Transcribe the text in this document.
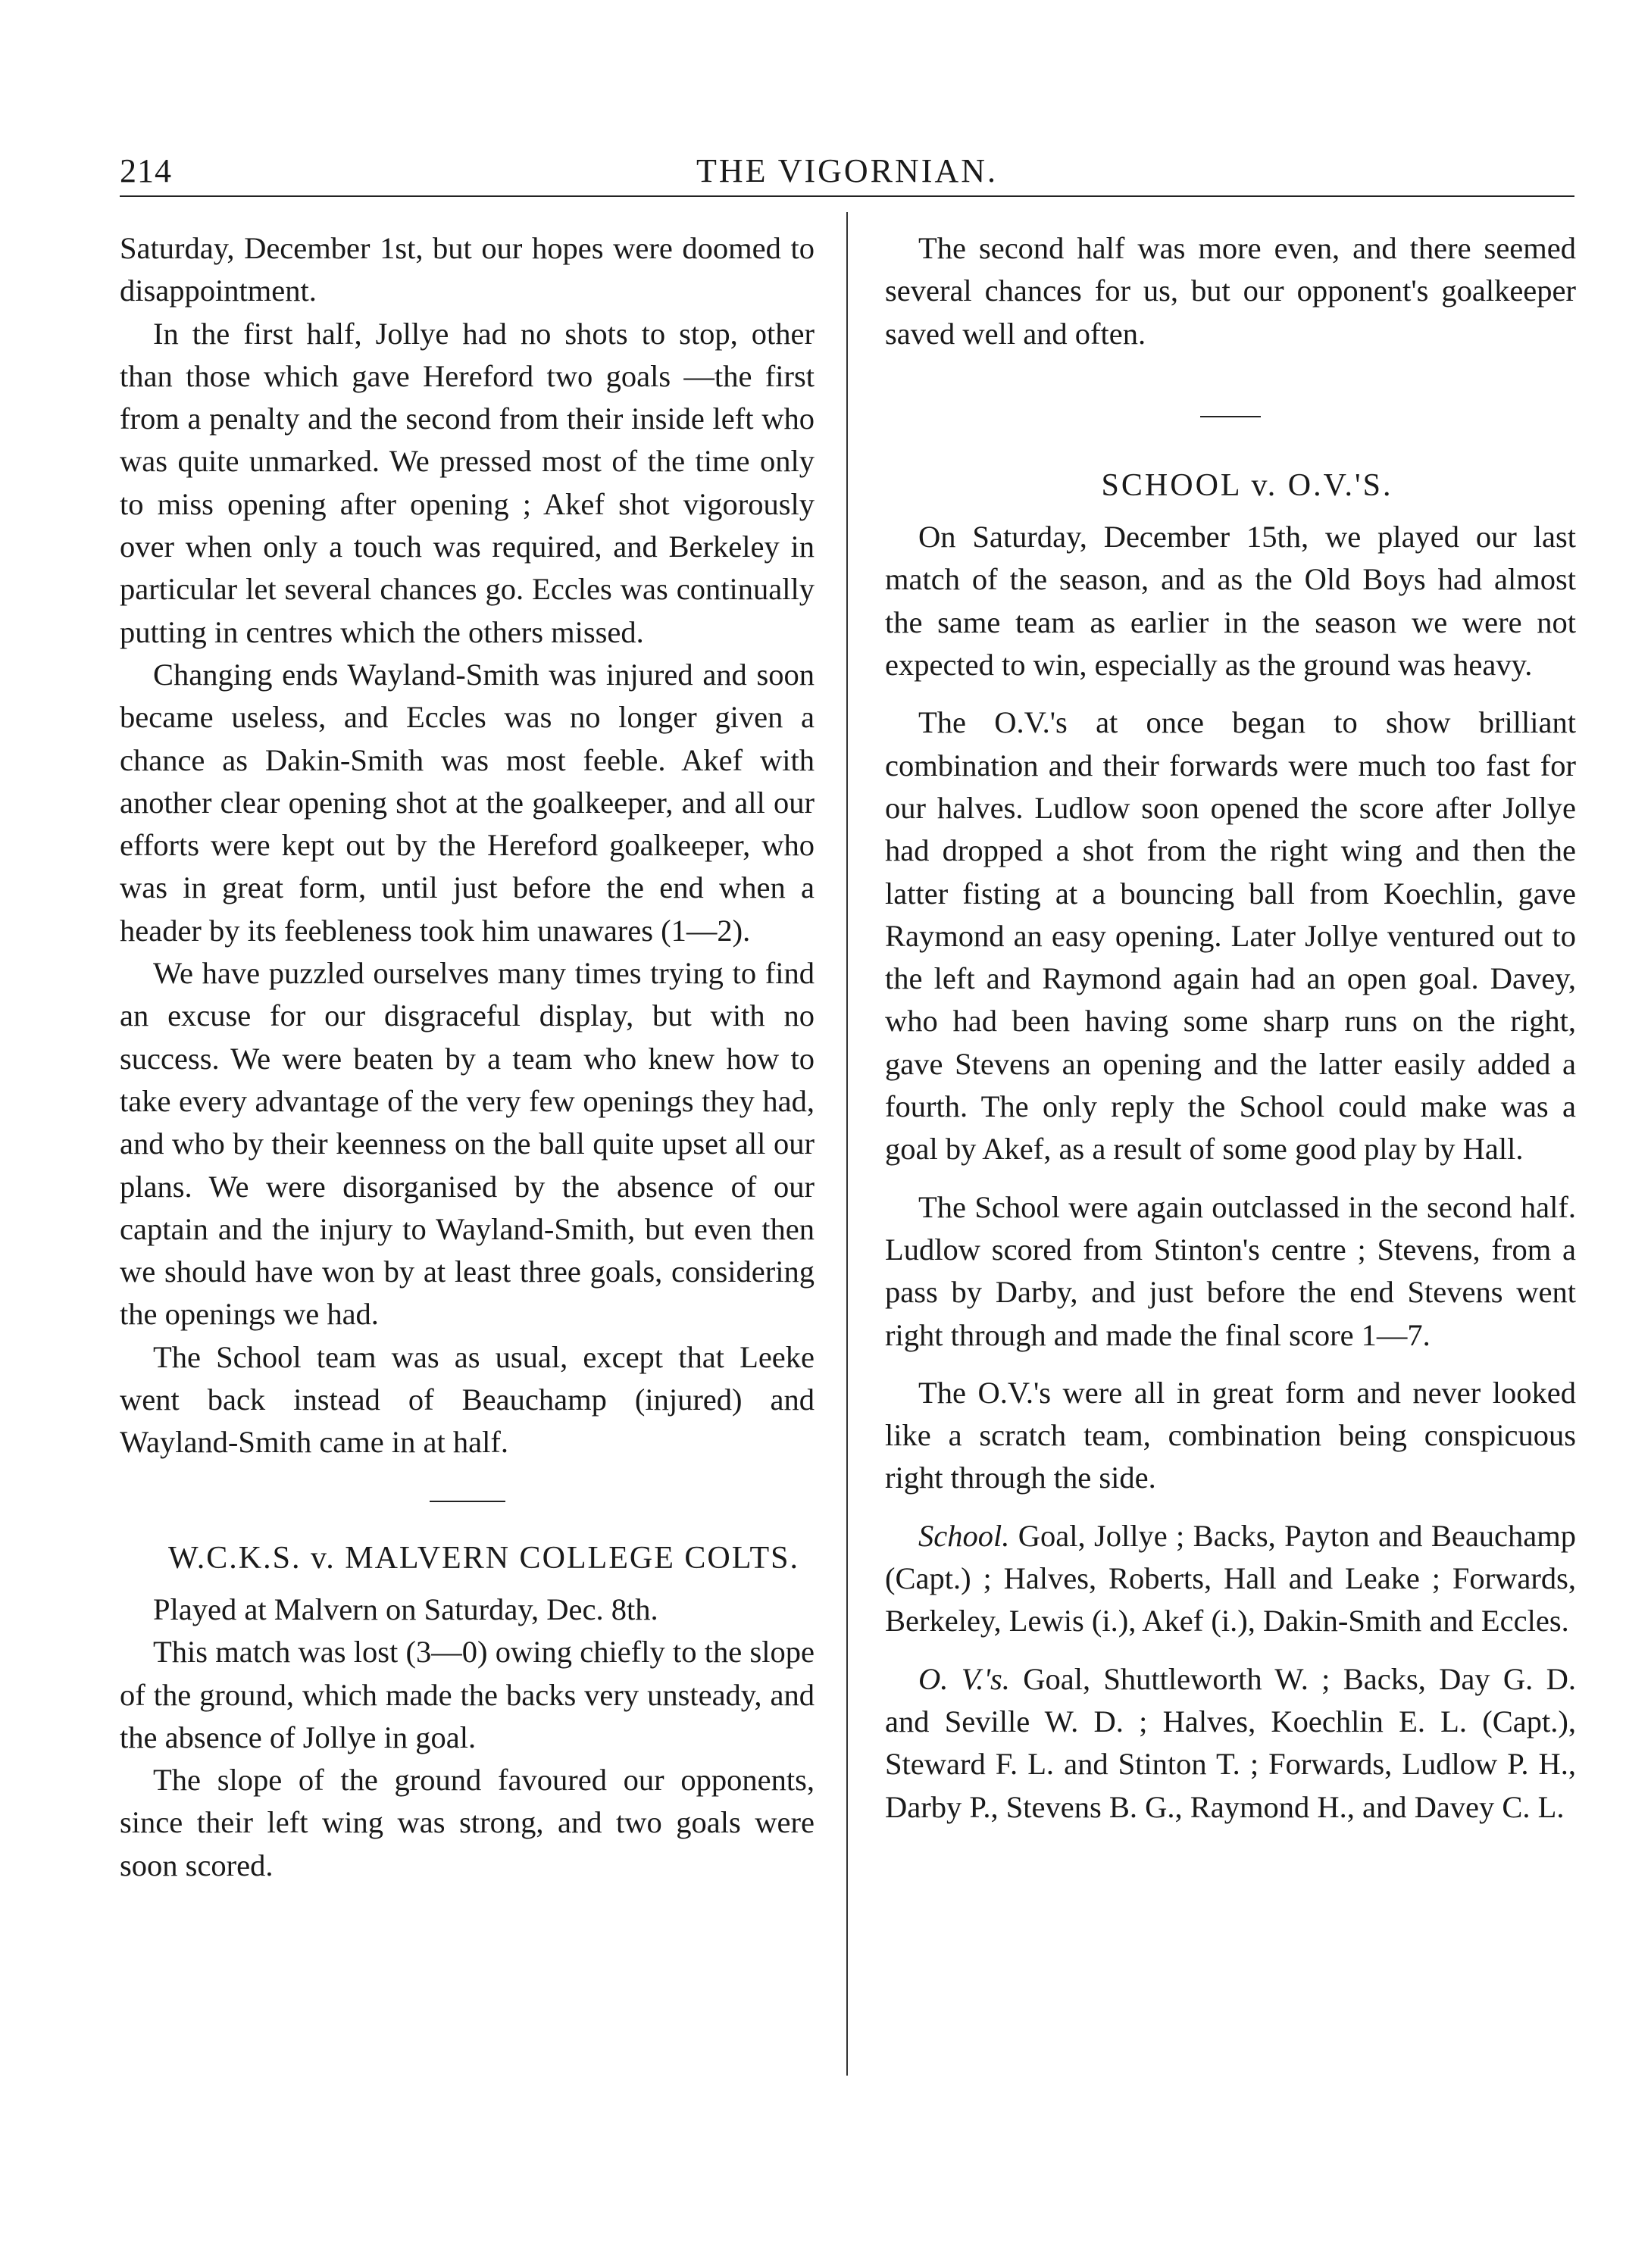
214	THE VIGORNIAN.

Saturday, December 1st, but our hopes were doomed to disappointment.

In the first half, Jollye had no shots to stop, other than those which gave Hereford two goals —the first from a penalty and the second from their inside left who was quite unmarked. We pressed most of the time only to miss opening after opening ; Akef shot vigorously over when only a touch was required, and Berkeley in particular let several chances go. Eccles was continually putting in centres which the others missed.

Changing ends Wayland-Smith was injured and soon became useless, and Eccles was no longer given a chance as Dakin-Smith was most feeble. Akef with another clear opening shot at the goalkeeper, and all our efforts were kept out by the Hereford goalkeeper, who was in great form, until just before the end when a header by its feebleness took him unawares (1—2).

We have puzzled ourselves many times trying to find an excuse for our disgraceful display, but with no success. We were beaten by a team who knew how to take every advantage of the very few openings they had, and who by their keenness on the ball quite upset all our plans. We were disorganised by the absence of our captain and the injury to Wayland-Smith, but even then we should have won by at least three goals, considering the openings we had.

The School team was as usual, except that Leeke went back instead of Beauchamp (injured) and Wayland-Smith came in at half.

W.C.K.S. v. MALVERN COLLEGE COLTS.

Played at Malvern on Saturday, Dec. 8th.

This match was lost (3—0) owing chiefly to the slope of the ground, which made the backs very unsteady, and the absence of Jollye in goal.

The slope of the ground favoured our opponents, since their left wing was strong, and two goals were soon scored.

The second half was more even, and there seemed several chances for us, but our opponent's goalkeeper saved well and often.

SCHOOL v. O.V.'S.

On Saturday, December 15th, we played our last match of the season, and as the Old Boys had almost the same team as earlier in the season we were not expected to win, especially as the ground was heavy.

The O.V.'s at once began to show brilliant combination and their forwards were much too fast for our halves. Ludlow soon opened the score after Jollye had dropped a shot from the right wing and then the latter fisting at a bouncing ball from Koechlin, gave Raymond an easy opening. Later Jollye ventured out to the left and Raymond again had an open goal. Davey, who had been having some sharp runs on the right, gave Stevens an opening and the latter easily added a fourth. The only reply the School could make was a goal by Akef, as a result of some good play by Hall.

The School were again outclassed in the second half. Ludlow scored from Stinton's centre ; Stevens, from a pass by Darby, and just before the end Stevens went right through and made the final score 1—7.

The O.V.'s were all in great form and never looked like a scratch team, combination being conspicuous right through the side.

School. Goal, Jollye ; Backs, Payton and Beauchamp (Capt.) ; Halves, Roberts, Hall and Leake ; Forwards, Berkeley, Lewis (i.), Akef (i.), Dakin-Smith and Eccles.

O. V.'s. Goal, Shuttleworth W. ; Backs, Day G. D. and Seville W. D. ; Halves, Koechlin E. L. (Capt.), Steward F. L. and Stinton T. ; Forwards, Ludlow P. H., Darby P., Stevens B. G., Raymond H., and Davey C. L.
